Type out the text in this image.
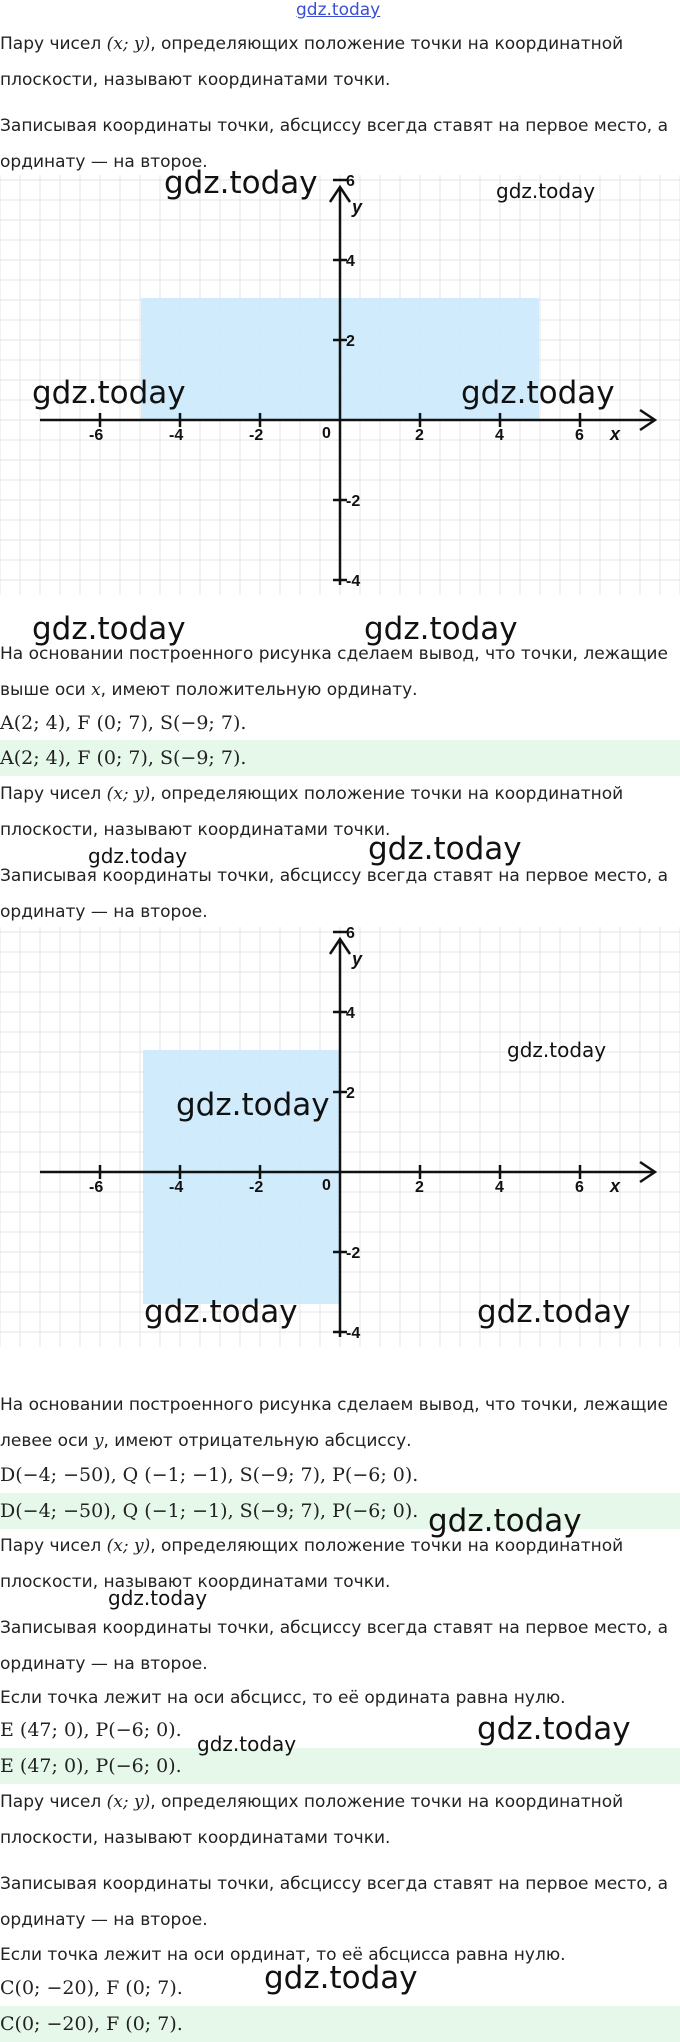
gdz.today
Пару чисел (x; y), определяющих положение точки на координатной
плоскости, называют координатами точки.
Записывая координаты точки, абсциссу всегда ставят на первое место, а
ординату — на второе.
x
y
-6	-4	-2	2	4	6
6
4
2
-2
-4
0
На основании построенного рисунка сделаем вывод, что точки, лежащие
выше оси x, имеют положительную ординату.
A(2; 4), F (0; 7), S(−9; 7).
A(2; 4), F (0; 7), S(−9; 7).
Пару чисел (x; y), определяющих положение точки на координатной
плоскости, называют координатами точки.
Записывая координаты точки, абсциссу всегда ставят на первое место, а
ординату — на второе.
x
y
-6	-4	-2	2	4	6
6
4
2
-2
-4
0
На основании построенного рисунка сделаем вывод, что точки, лежащие
левее оси y, имеют отрицательную абсциссу.
D(−4; −50), Q (−1; −1), S(−9; 7), P(−6; 0).
D(−4; −50), Q (−1; −1), S(−9; 7), P(−6; 0).
Пару чисел (x; y), определяющих положение точки на координатной
плоскости, называют координатами точки.
Записывая координаты точки, абсциссу всегда ставят на первое место, а
ординату — на второе.
Если точка лежит на оси абсцисс, то её ордината равна нулю.
E (47; 0), P(−6; 0).
E (47; 0), P(−6; 0).
Пару чисел (x; y), определяющих положение точки на координатной
плоскости, называют координатами точки.
Записывая координаты точки, абсциссу всегда ставят на первое место, а
ординату — на второе.
Если точка лежит на оси ординат, то её абсцисса равна нулю.
C(0; −20), F (0; 7).
C(0; −20), F (0; 7).
gdz.today	gdz.today
gdz.today	gdz.today
gdz.today	gdz.today
gdz.today	gdz.today
gdz.today
gdz.today
gdz.today	gdz.today
gdz.today
gdz.today
gdz.today
gdz.today
gdz.today
